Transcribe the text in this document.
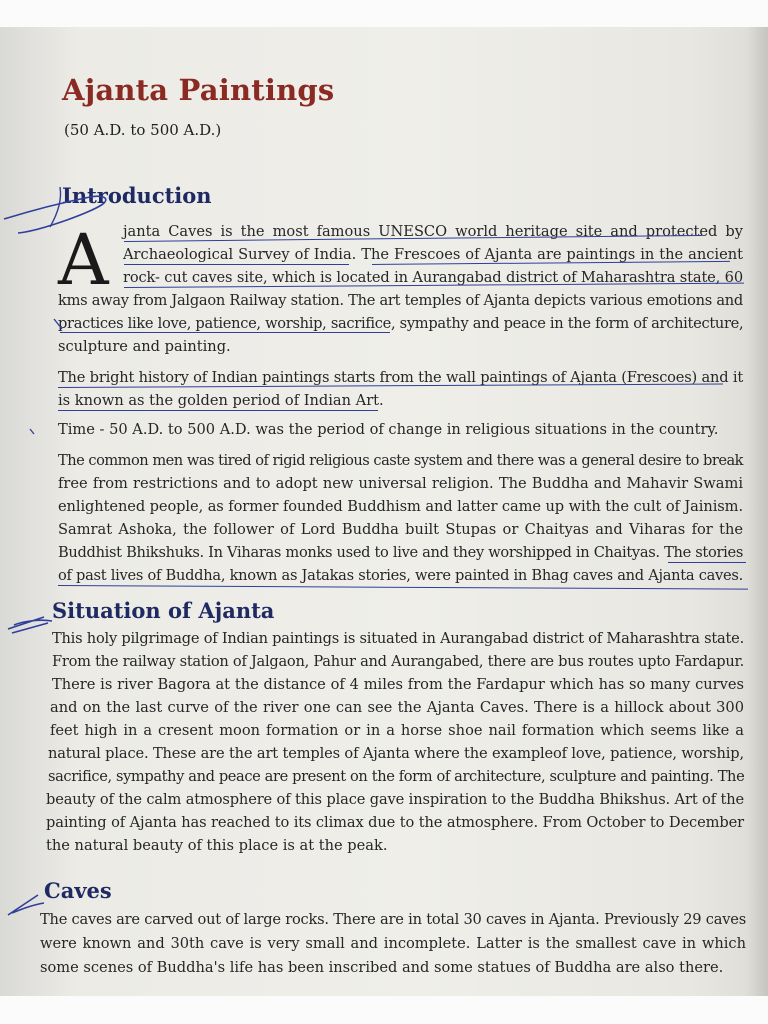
Ajanta Paintings
(50 A.D. to 500 A.D.)
Introduction
A janta Caves is the most famous UNESCO world heritage site and protected by
Archaeological Survey of India. The Frescoes of Ajanta are paintings in the ancient
rock- cut caves site, which is located in Aurangabad district of Maharashtra state, 60
kms away from Jalgaon Railway station. The art temples of Ajanta depicts various emotions and
practices like love, patience, worship, sacrifice, sympathy and peace in the form of architecture,
sculpture and painting.
The bright history of Indian paintings starts from the wall paintings of Ajanta (Frescoes) and it
is known as the golden period of Indian Art.
Time - 50 A.D. to 500 A.D. was the period of change in religious situations in the country.
The common men was tired of rigid religious caste system and there was a general desire to break
free from restrictions and to adopt new universal religion. The Buddha and Mahavir Swami
enlightened people, as former founded Buddhism and latter came up with the cult of Jainism.
Samrat Ashoka, the follower of Lord Buddha built Stupas or Chaityas and Viharas for the
Buddhist Bhikshuks. In Viharas monks used to live and they worshipped in Chaityas. The stories
of past lives of Buddha, known as Jatakas stories, were painted in Bhag caves and Ajanta caves.
Situation of Ajanta
This holy pilgrimage of Indian paintings is situated in Aurangabad district of Maharashtra state.
From the railway station of Jalgaon, Pahur and Aurangabed, there are bus routes upto Fardapur.
There is river Bagora at the distance of 4 miles from the Fardapur which has so many curves
and on the last curve of the river one can see the Ajanta Caves. There is a hillock about 300
feet high in a cresent moon formation or in a horse shoe nail formation which seems like a
natural place. These are the art temples of Ajanta where the exampleof love, patience, worship,
sacrifice, sympathy and peace are present on the form of architecture, sculpture and painting. The
beauty of the calm atmosphere of this place gave inspiration to the Buddha Bhikshus. Art of the
painting of Ajanta has reached to its climax due to the atmosphere. From October to December
the natural beauty of this place is at the peak.
Caves
The caves are carved out of large rocks. There are in total 30 caves in Ajanta. Previously 29 caves
were known and 30th cave is very small and incomplete. Latter is the smallest cave in which
some scenes of Buddha's life has been inscribed and some statues of Buddha are also there.
